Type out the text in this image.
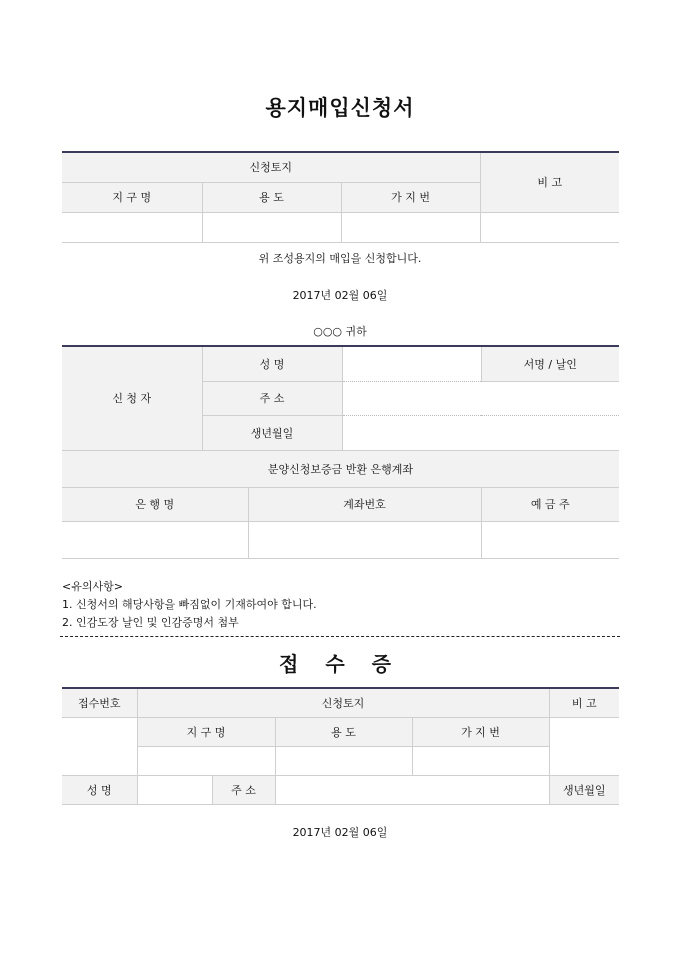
용지매입신청서
신청토지			비 고
지 구 명	용 도	가 지 번	

위 조성용지의 매입을 신청합니다.
2017년 02월 06일
○○○ 귀하
신 청 자	성 명			서명 / 날인
	주 소			
	생년월일			
분양신청보증금 반환 은행계좌				
은 행 명		계좌번호		예 금 주

<유의사항>
1. 신청서의 해당사항을 빠짐없이 기재하여야 합니다.
2. 인감도장 날인 및 인감증명서 첨부
접 수 증
접수번호	신청토지				비 고
	지 구 명		용 도	가 지 번	

성 명		주 소			생년월일
2017년 02월 06일
